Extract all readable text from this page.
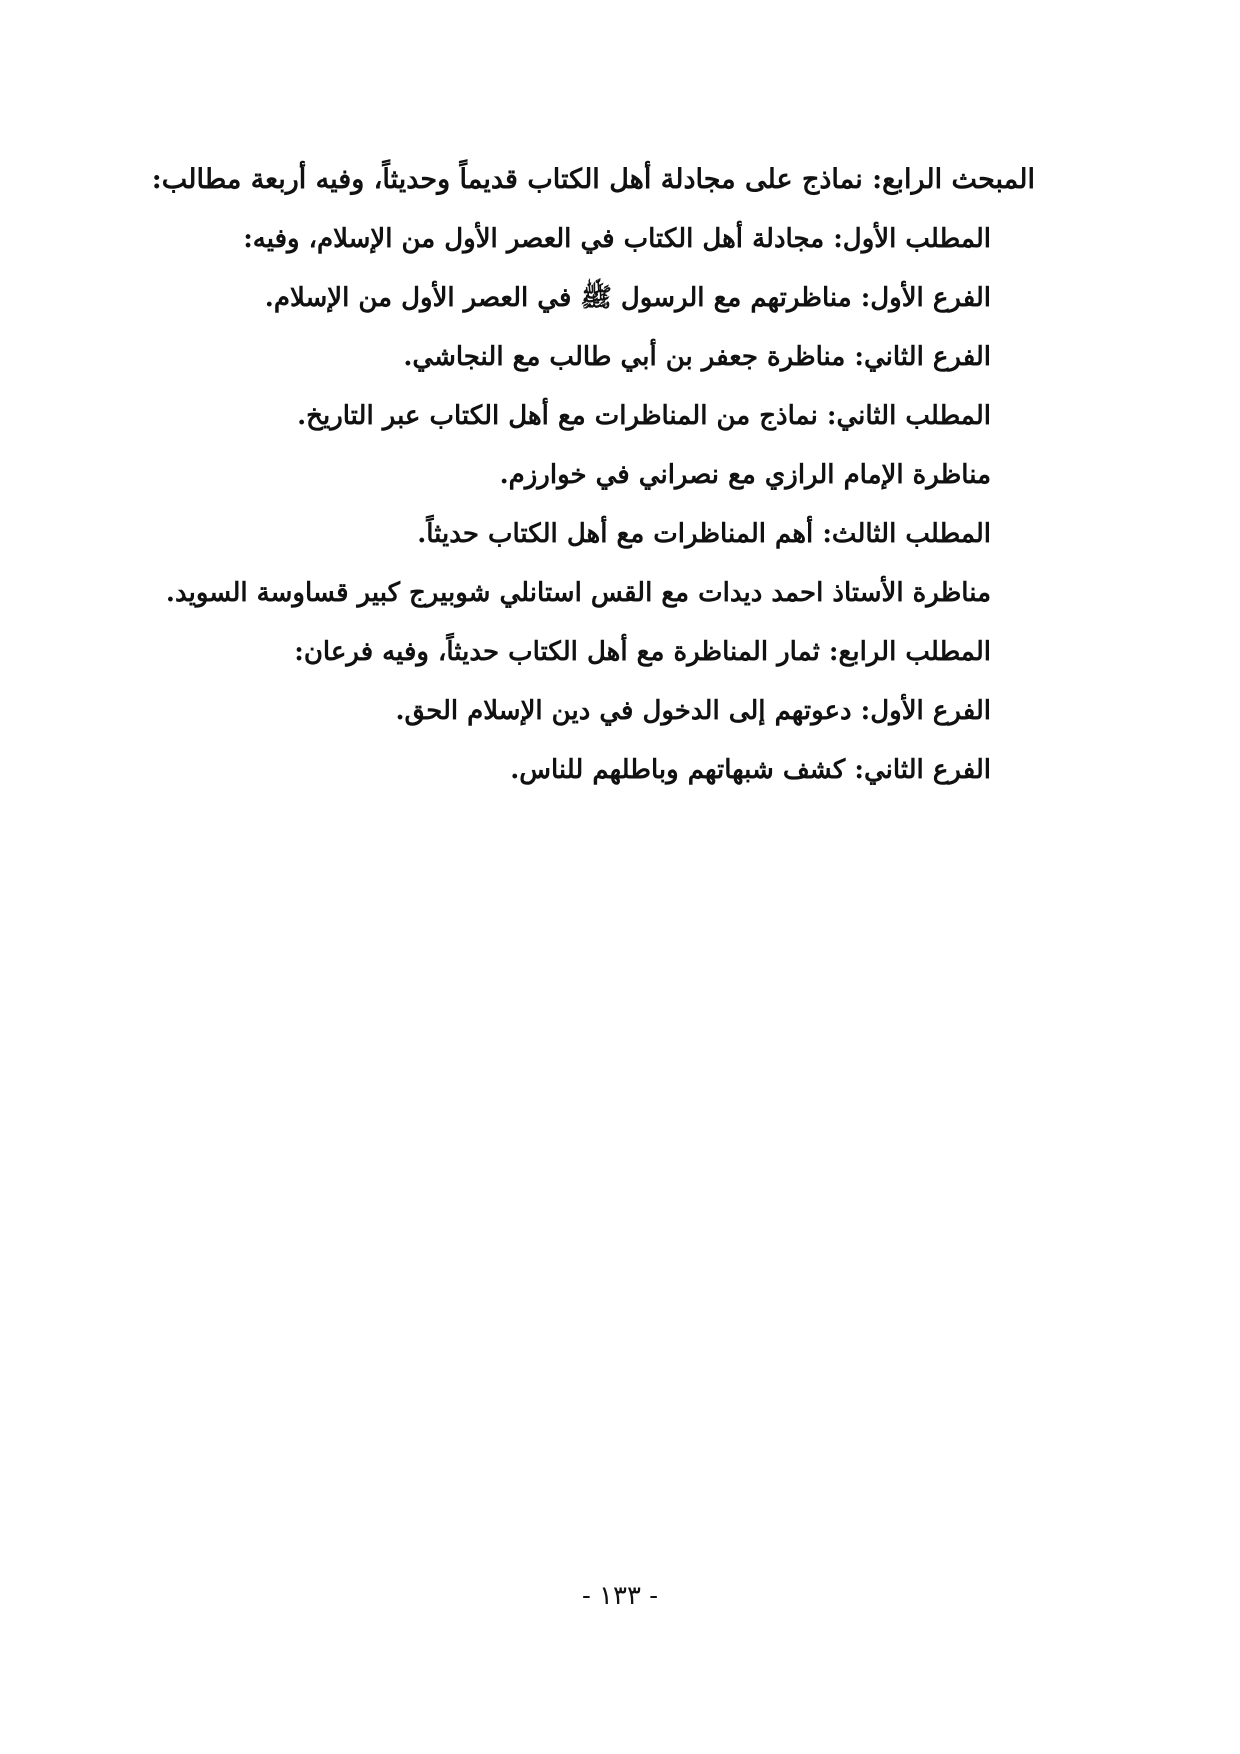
المبحث الرابع: نماذج على مجادلة أهل الكتاب قديماً وحديثاً، وفيه أربعة مطالب:
المطلب الأول: مجادلة أهل الكتاب في العصر الأول من الإسلام، وفيه:
الفرع الأول: مناظرتهم مع الرسول ﷺ في العصر الأول من الإسلام.
الفرع الثاني: مناظرة جعفر بن أبي طالب مع النجاشي.
المطلب الثاني: نماذج من المناظرات مع أهل الكتاب عبر التاريخ.
مناظرة الإمام الرازي مع نصراني في خوارزم.
المطلب الثالث: أهم المناظرات مع أهل الكتاب حديثاً.
مناظرة الأستاذ احمد ديدات مع القس استانلي شوبيرج كبير قساوسة السويد.
المطلب الرابع: ثمار المناظرة مع أهل الكتاب حديثاً، وفيه فرعان:
الفرع الأول: دعوتهم إلى الدخول في دين الإسلام الحق.
الفرع الثاني: كشف شبهاتهم وباطلهم للناس.
- ١٣٣ -
